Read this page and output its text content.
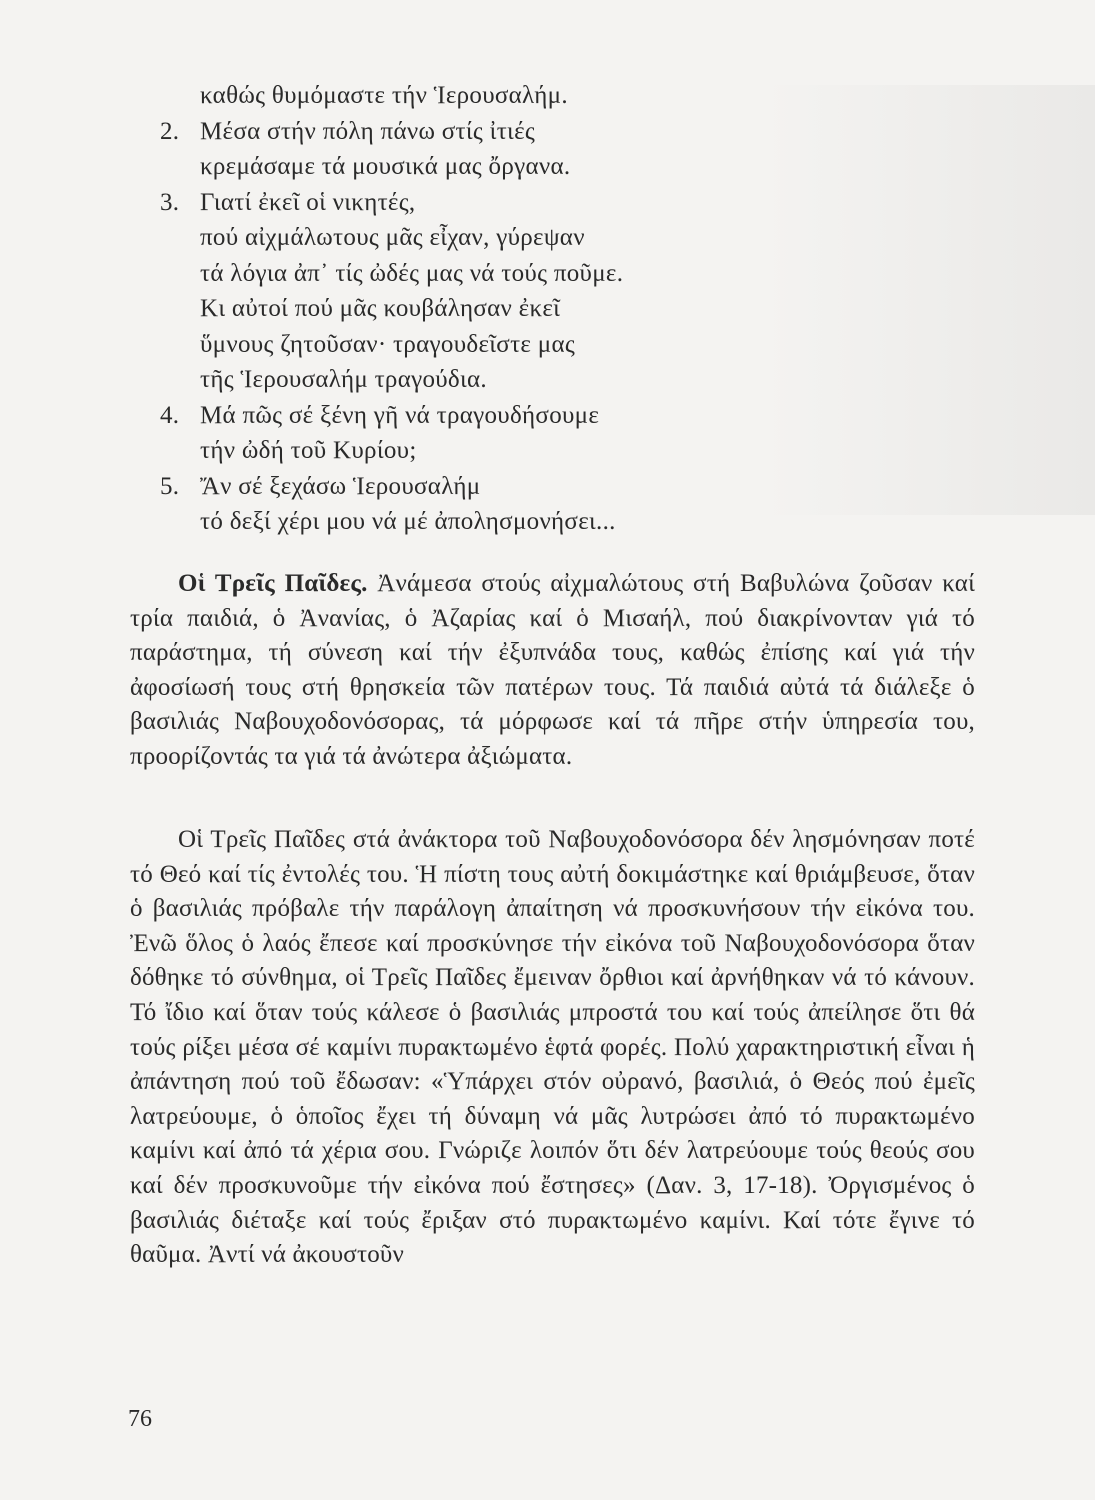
καθώς θυμόμαστε τήν Ἱερουσαλήμ.
2. Μέσα στήν πόλη πάνω στίς ἰτιές
κρεμάσαμε τά μουσικά μας ὄργανα.
3. Γιατί ἐκεῖ οἱ νικητές,
πού αἰχμάλωτους μᾶς εἶχαν, γύρεψαν
τά λόγια ἀπ᾿ τίς ὠδές μας νά τούς ποῦμε.
Κι αὐτοί πού μᾶς κουβάλησαν ἐκεῖ
ὕμνους ζητοῦσαν· τραγουδεῖστε μας
τῆς Ἱερουσαλήμ τραγούδια.
4. Μά πῶς σέ ξένη γῆ νά τραγουδήσουμε
τήν ὠδή τοῦ Κυρίου;
5. Ἄν σέ ξεχάσω Ἱερουσαλήμ
τό δεξί χέρι μου νά μέ ἀπολησμονήσει...
Οἱ Τρεῖς Παῖδες. Ἀνάμεσα στούς αἰχμαλώτους στή Βαβυλώνα ζοῦσαν καί τρία παιδιά, ὁ Ἀνανίας, ὁ Ἀζαρίας καί ὁ Μισαήλ, πού διακρίνονταν γιά τό παράστημα, τή σύνεση καί τήν ἐξυπνάδα τους, καθώς ἐπίσης καί γιά τήν ἀφοσίωσή τους στή θρησκεία τῶν πατέρων τους. Τά παιδιά αὐτά τά διάλεξε ὁ βασιλιάς Ναβουχοδονόσορας, τά μόρφωσε καί τά πῆρε στήν ὑπηρεσία του, προορίζοντάς τα γιά τά ἀνώτερα ἀξιώματα.
Οἱ Τρεῖς Παῖδες στά ἀνάκτορα τοῦ Ναβουχοδονόσορα δέν λησμόνησαν ποτέ τό Θεό καί τίς ἐντολές του. Ἡ πίστη τους αὐτή δοκιμάστηκε καί θριάμβευσε, ὅταν ὁ βασιλιάς πρόβαλε τήν παράλογη ἀπαίτηση νά προσκυνήσουν τήν εἰκόνα του. Ἐνῶ ὅλος ὁ λαός ἔπεσε καί προσκύνησε τήν εἰκόνα τοῦ Ναβουχοδονόσορα ὅταν δόθηκε τό σύνθημα, οἱ Τρεῖς Παῖδες ἔμειναν ὄρθιοι καί ἀρνήθηκαν νά τό κάνουν. Τό ἴδιο καί ὅταν τούς κάλεσε ὁ βασιλιάς μπροστά του καί τούς ἀπείλησε ὅτι θά τούς ρίξει μέσα σέ καμίνι πυρακτωμένο ἑφτά φορές. Πολύ χαρακτηριστική εἶναι ἡ ἀπάντηση πού τοῦ ἔδωσαν: «Ὑπάρχει στόν οὐρανό, βασιλιά, ὁ Θεός πού ἐμεῖς λατρεύουμε, ὁ ὁποῖος ἔχει τή δύναμη νά μᾶς λυτρώσει ἀπό τό πυρακτωμένο καμίνι καί ἀπό τά χέρια σου. Γνώριζε λοιπόν ὅτι δέν λατρεύουμε τούς θεούς σου καί δέν προσκυνοῦμε τήν εἰκόνα πού ἔστησες» (Δαν. 3, 17-18). Ὀργισμένος ὁ βασιλιάς διέταξε καί τούς ἔριξαν στό πυρακτωμένο καμίνι. Καί τότε ἔγινε τό θαῦμα. Ἀντί νά ἀκουστοῦν
76
